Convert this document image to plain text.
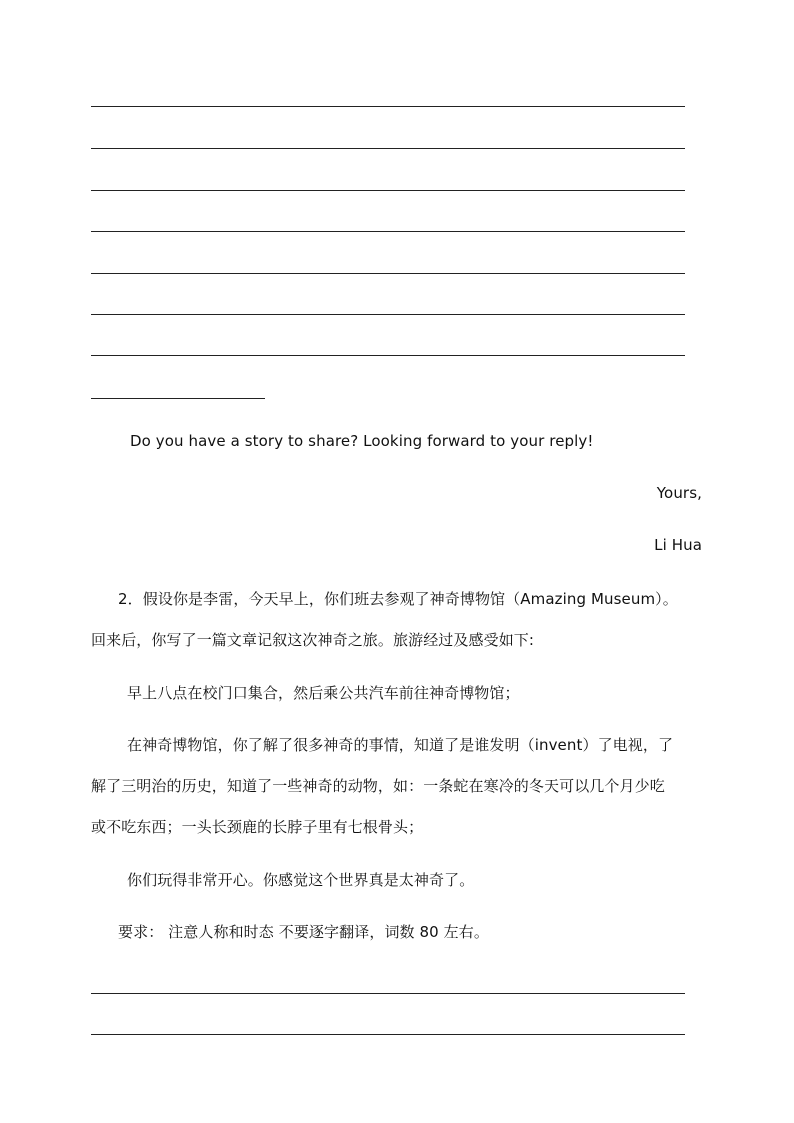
Do you have a story to share? Looking forward to your reply!
Yours,
Li Hua
2．假设你是李雷，今天早上，你们班去参观了神奇博物馆（Amazing Museum）。
回来后，你写了一篇文章记叙这次神奇之旅。旅游经过及感受如下:
早上八点在校门口集合，然后乘公共汽车前往神奇博物馆；
在神奇博物馆，你了解了很多神奇的事情，知道了是谁发明（invent）了电视，了
解了三明治的历史，知道了一些神奇的动物，如：一条蛇在寒冷的冬天可以几个月少吃
或不吃东西；一头长颈鹿的长脖子里有七根骨头；
你们玩得非常开心。你感觉这个世界真是太神奇了。
要求： 注意人称和时态 不要逐字翻译，词数 80 左右。
